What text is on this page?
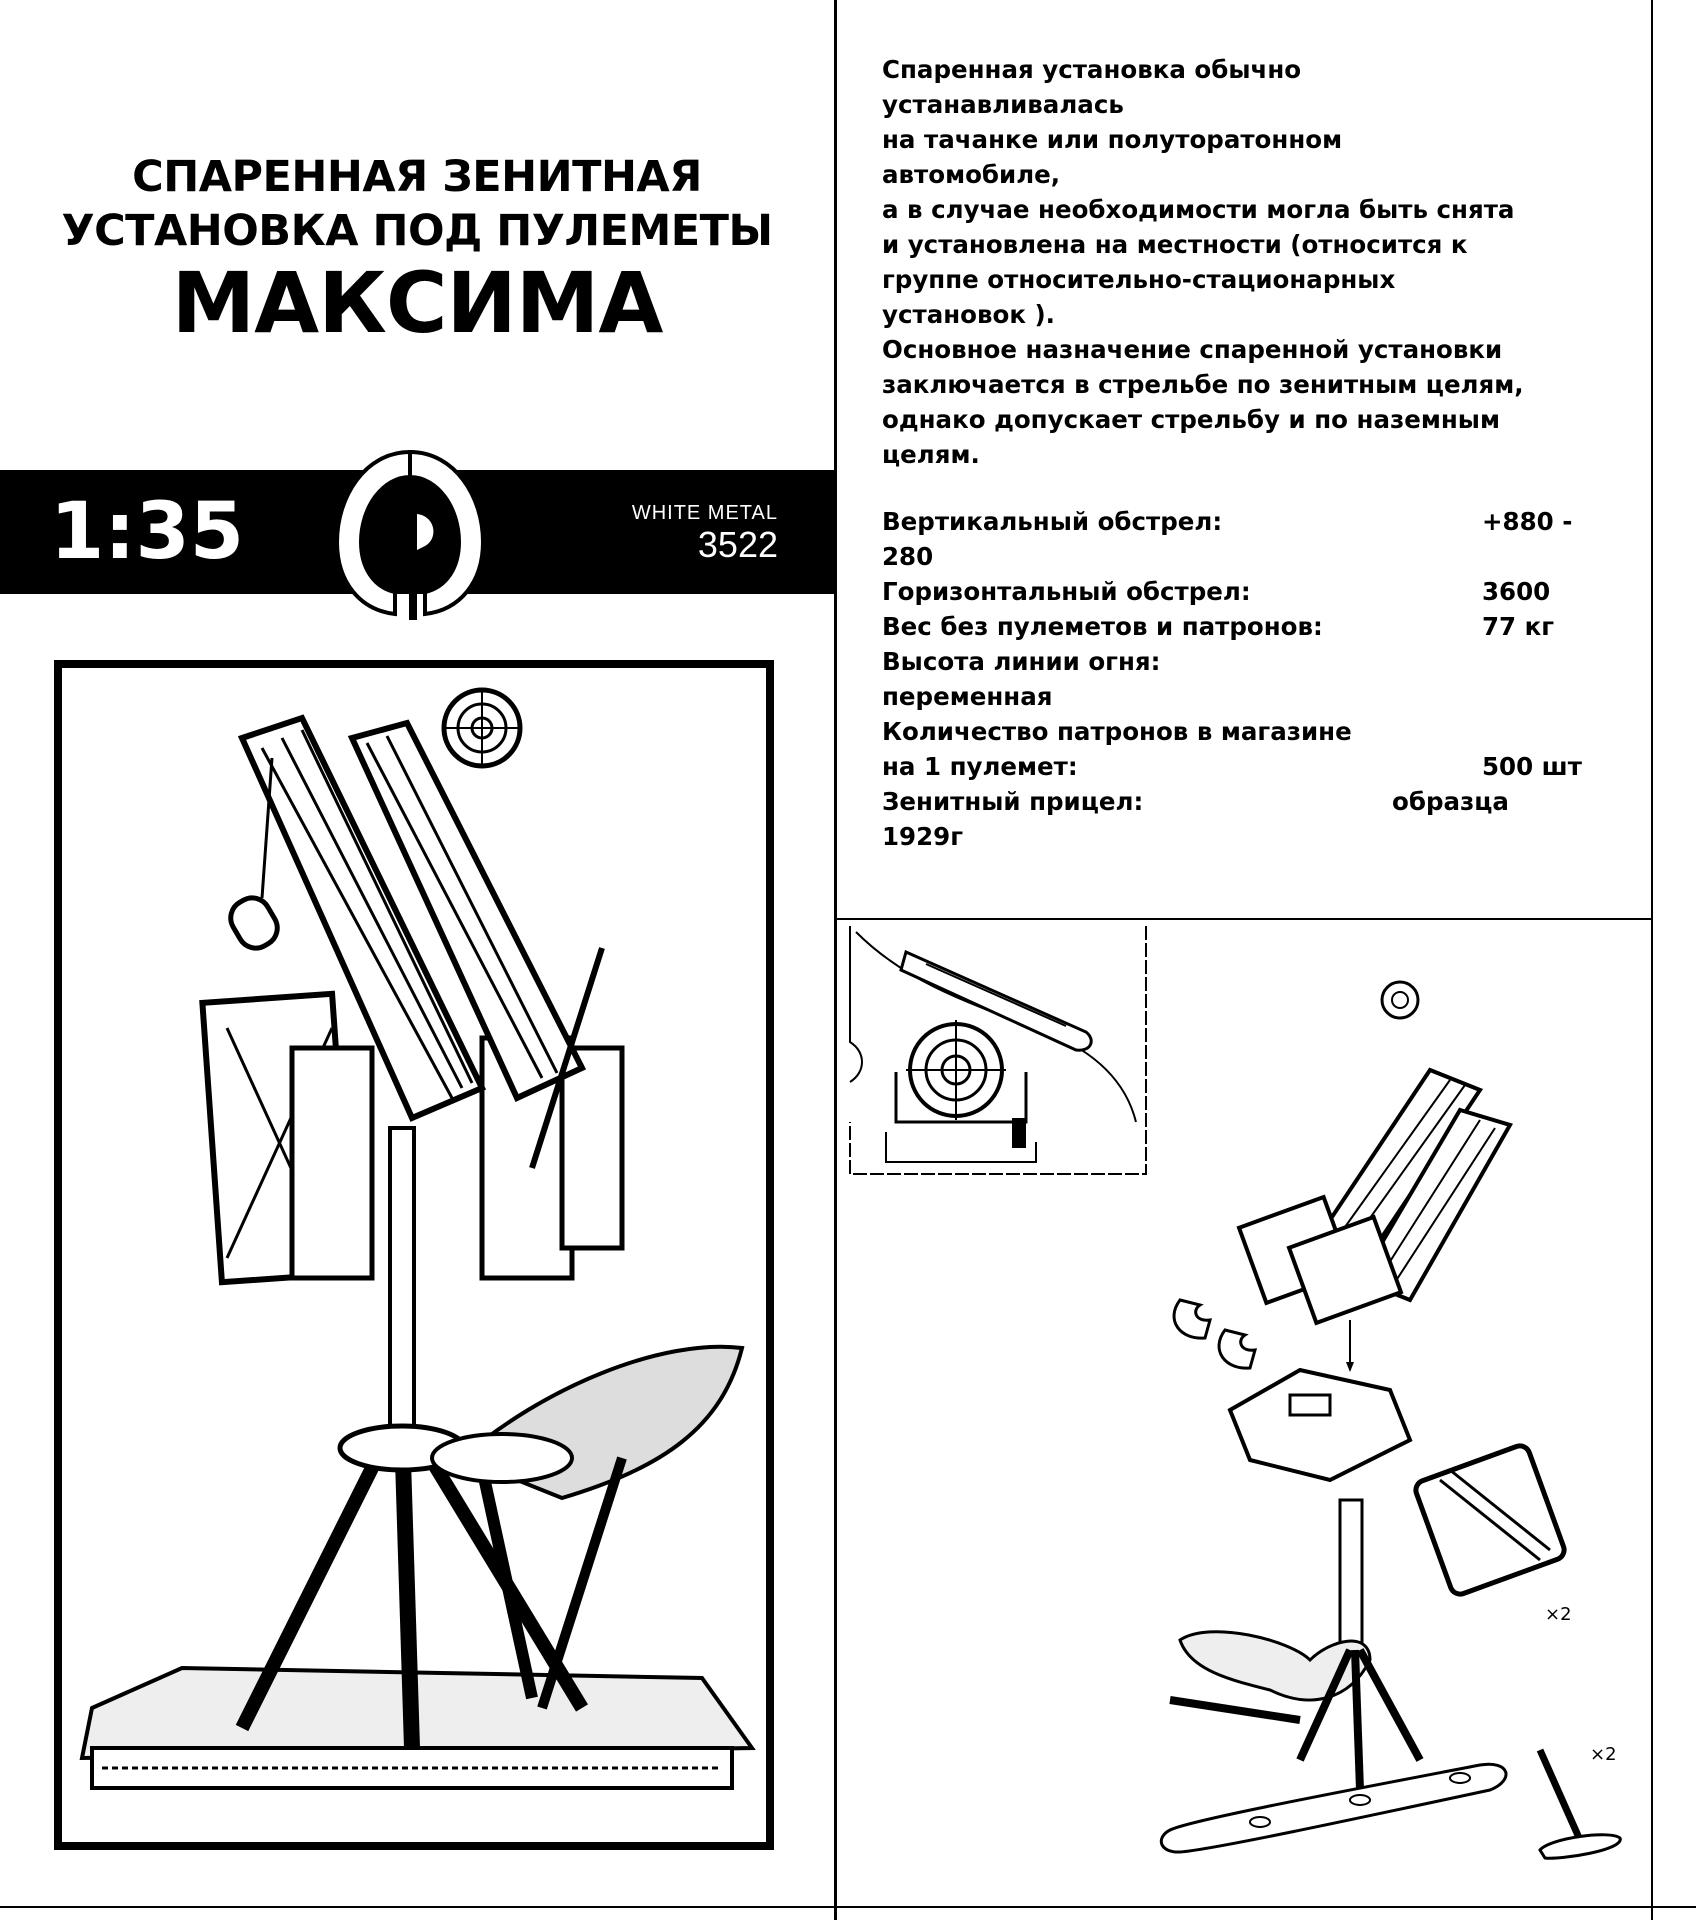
СПАРЕННАЯ ЗЕНИТНАЯ
УСТАНОВКА ПОД ПУЛЕМЕТЫ
МАКСИМА
1:35	WHITE METAL
3522

Спаренная установка обычно

устанавливалась

на тачанке или полуторатонном

автомобиле,

а в случае необходимости могла быть снята

и установлена на местности (относится к

группе относительно-стационарных

установок ).

Основное назначение спаренной установки

заключается в стрельбе по зенитным целям,

однако допускает стрельбу и по наземным

целям.

Вертикальный обстрел:	+880 -
280
Горизонтальный обстрел:	3600
Вес без пулеметов и патронов:	77 кг
Высота линии огня:
переменная
Количество патронов в магазине
на 1 пулемет:	500 шт
Зенитный прицел:	образца
1929г
×2
×2
